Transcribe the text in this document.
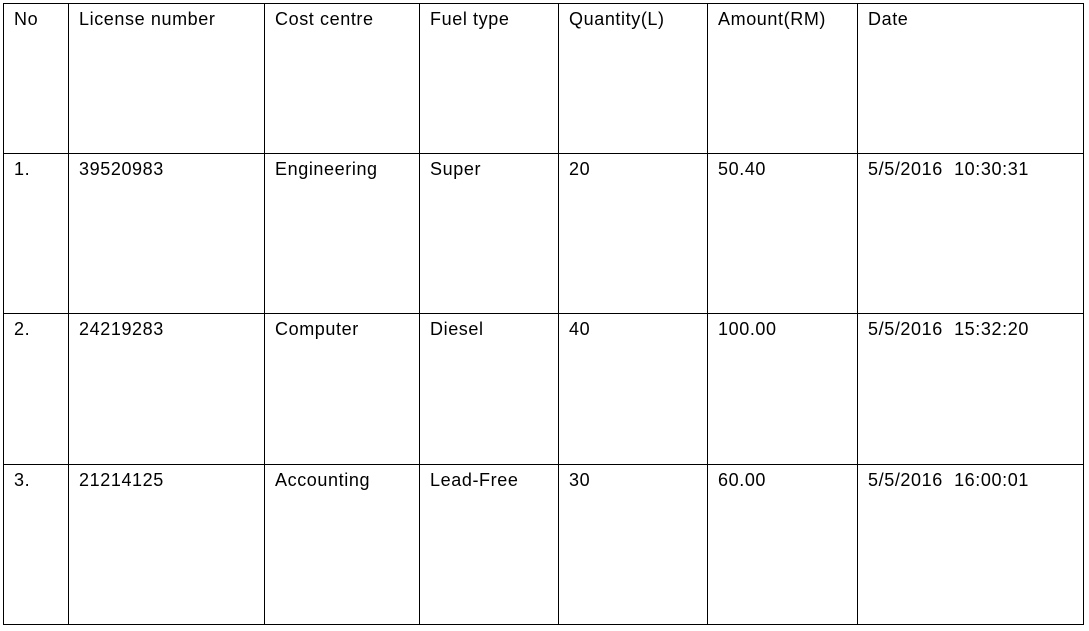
No	License number	Cost centre	Fuel type	Quantity(L)	Amount(RM)	Date
1.	39520983	Engineering	Super	20	50.40	5/5/2016  10:30:31
2.	24219283	Computer	Diesel	40	100.00	5/5/2016  15:32:20
3.	21214125	Accounting	Lead-Free	30	60.00	5/5/2016  16:00:01
